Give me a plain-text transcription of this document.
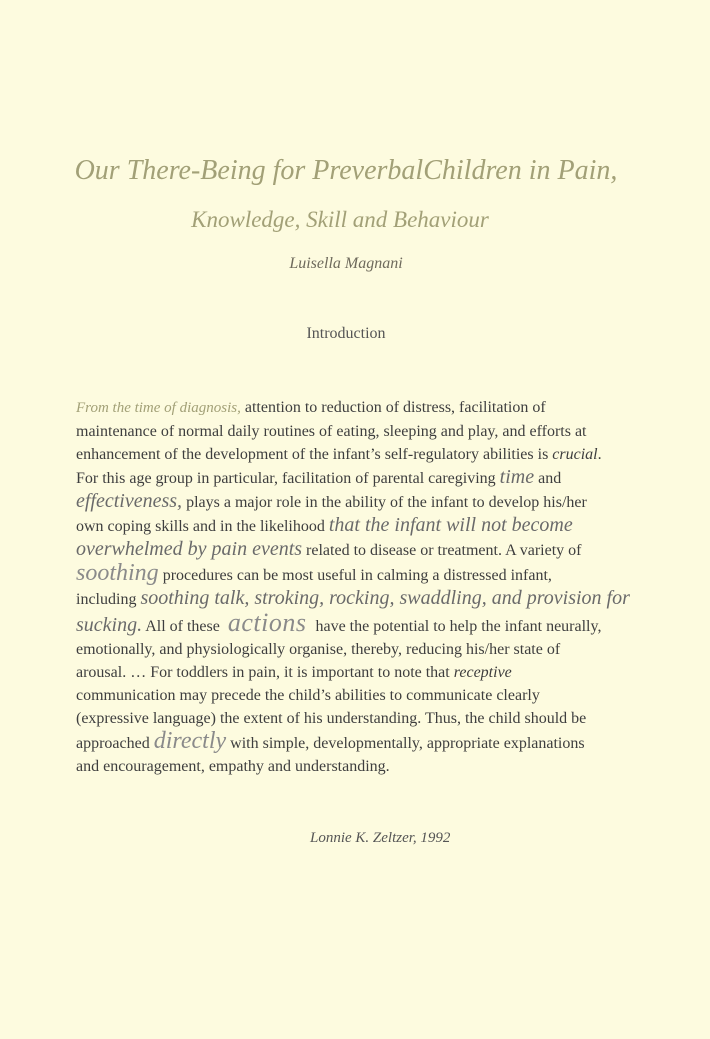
Our There-Being for PreverbalChildren in Pain,
Knowledge, Skill and Behaviour
Luisella Magnani
Introduction
From the time of diagnosis, attention to reduction of distress, facilitation of
maintenance of normal daily routines of eating, sleeping and play, and efforts at
enhancement of the development of the infant’s self-regulatory abilities is crucial.
For this age group in particular, facilitation of parental caregiving time and
effectiveness, plays a major role in the ability of the infant to develop his/her
own coping skills and in the likelihood that the infant will not become
overwhelmed by pain events related to disease or treatment. A variety of
soothing procedures can be most useful in calming a distressed infant,
including soothing talk, stroking, rocking, swaddling, and provision for
sucking. All of these actions have the potential to help the infant neurally,
emotionally, and physiologically organise, thereby, reducing his/her state of
arousal. … For toddlers in pain, it is important to note that receptive
communication may precede the child’s abilities to communicate clearly
(expressive language) the extent of his understanding. Thus, the child should be
approached directly with simple, developmentally, appropriate explanations
and encouragement, empathy and understanding.
Lonnie K. Zeltzer, 1992
